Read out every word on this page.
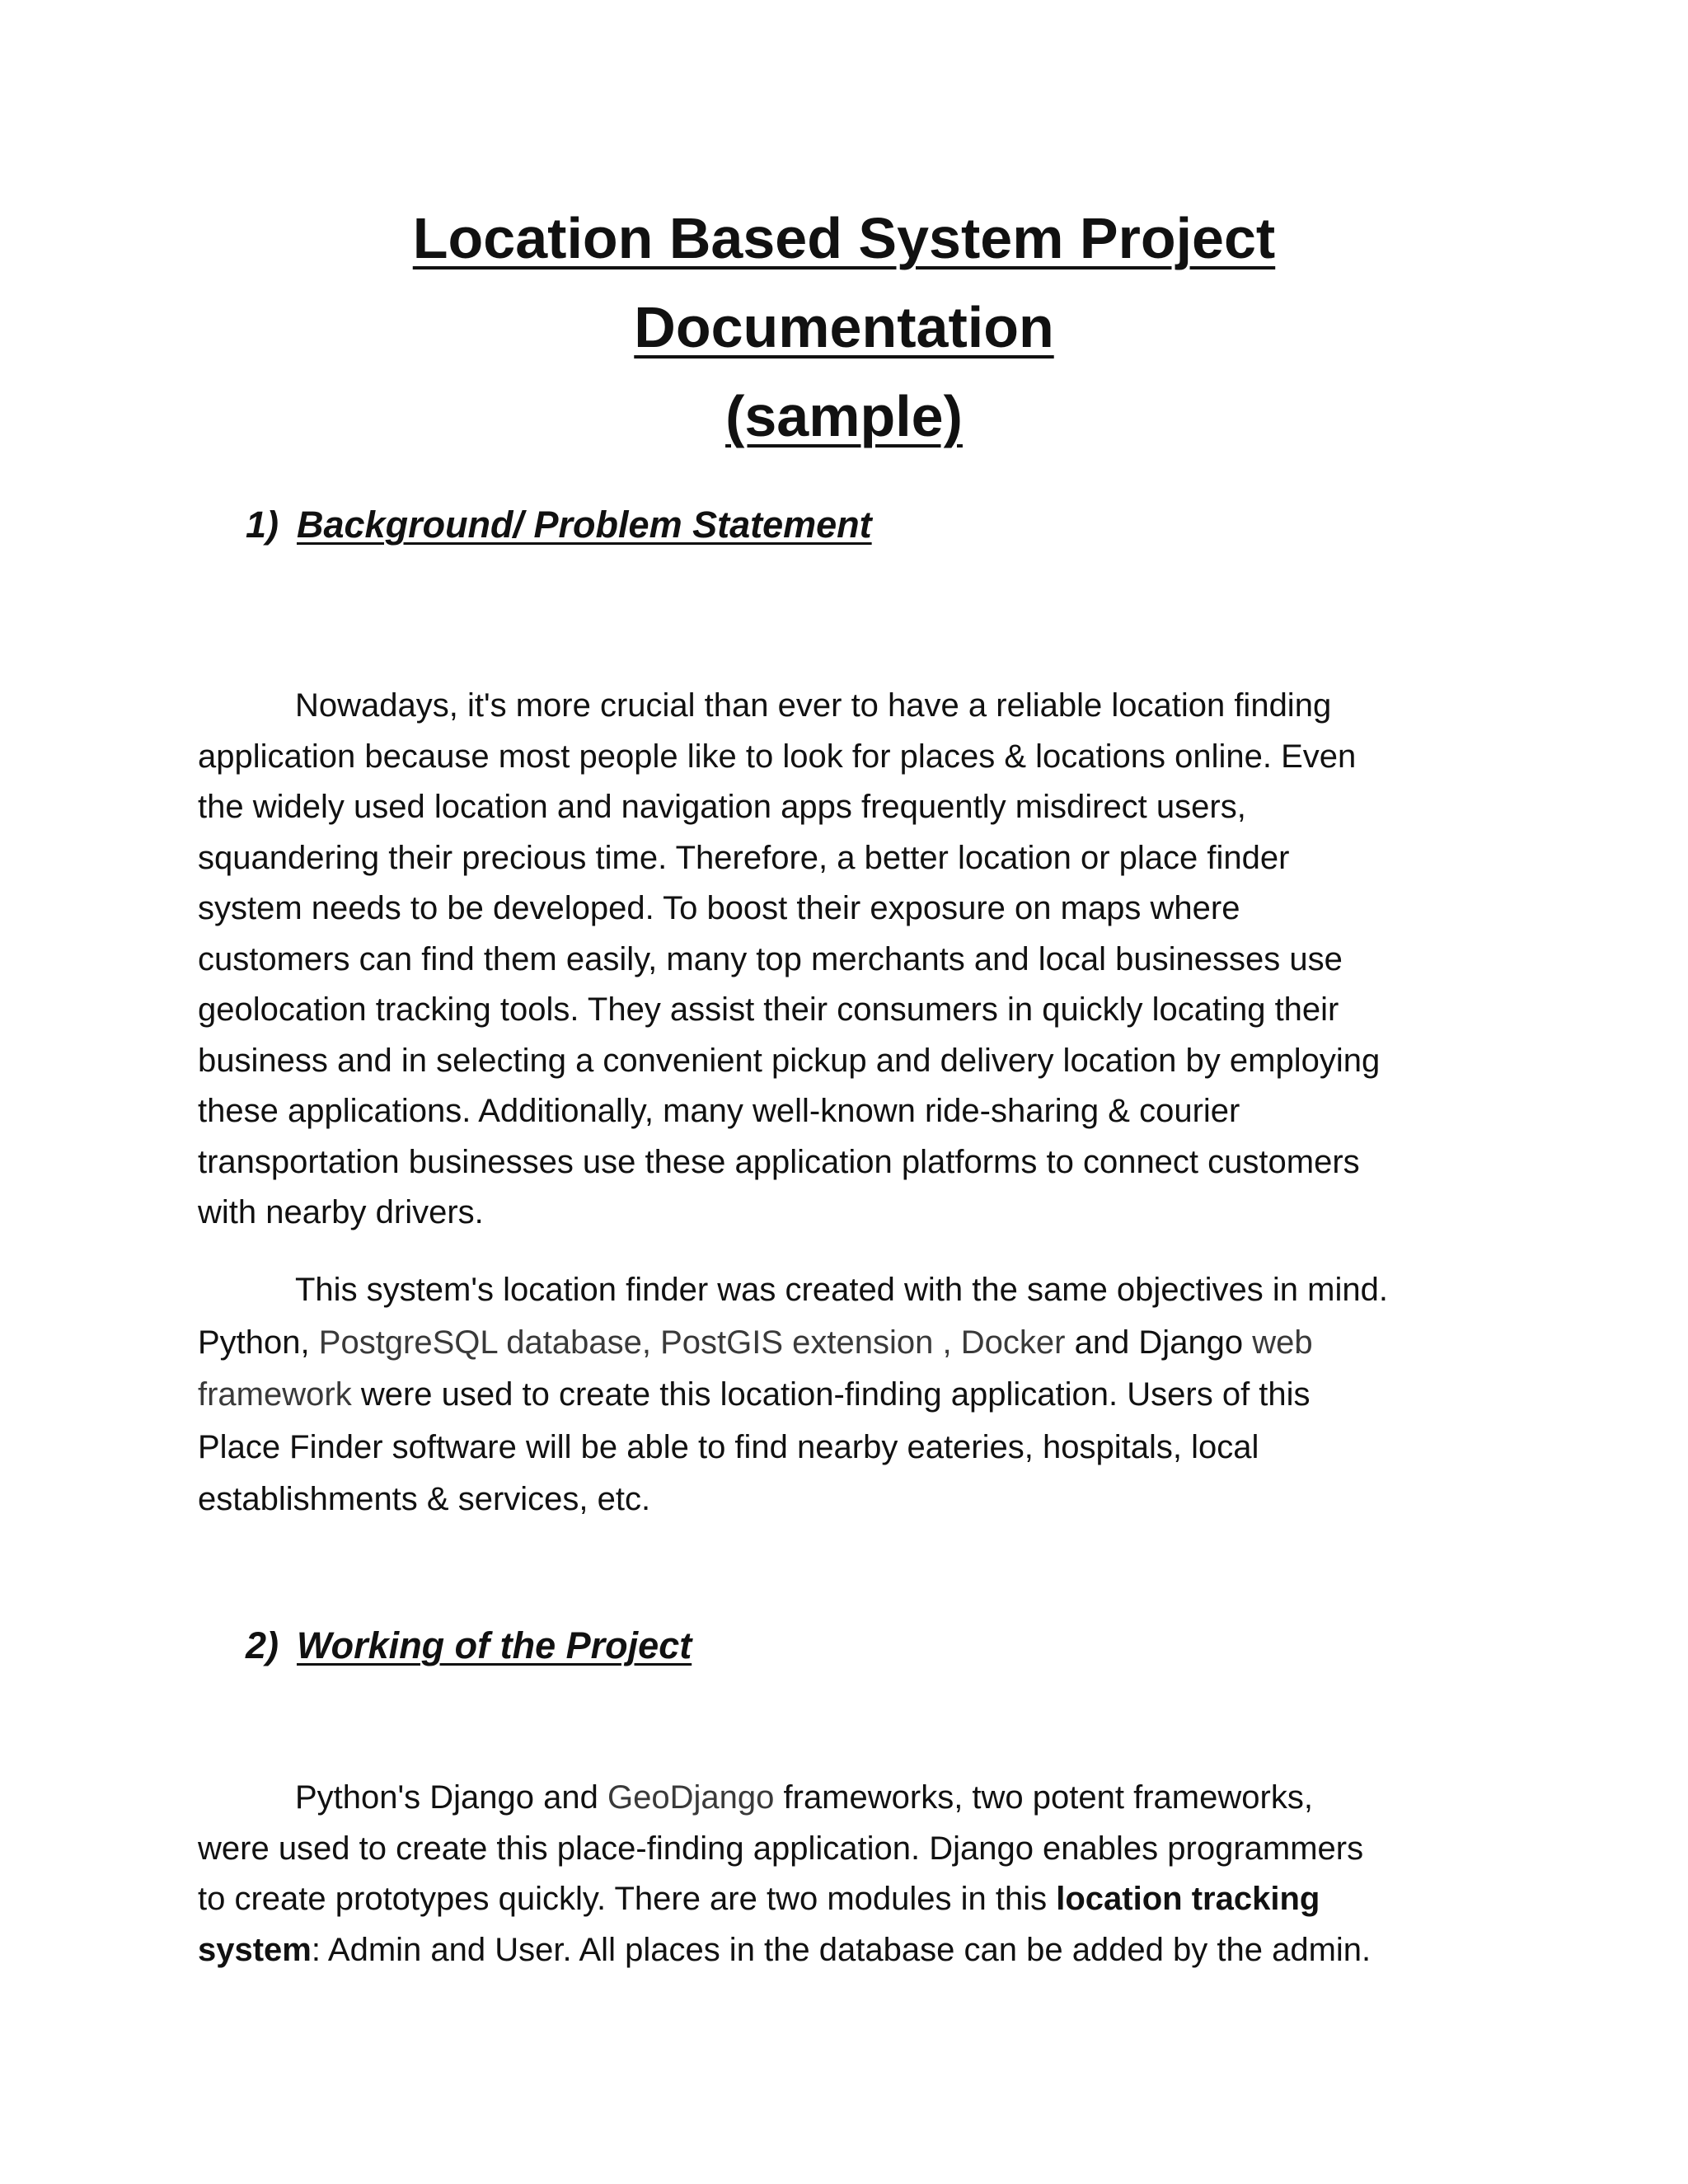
Location Based System Project Documentation
(sample)
1) Background/ Problem Statement
Nowadays, it's more crucial than ever to have a reliable location finding
application because most people like to look for places & locations online. Even
the widely used location and navigation apps frequently misdirect users,
squandering their precious time. Therefore, a better location or place finder
system needs to be developed. To boost their exposure on maps where
customers can find them easily, many top merchants and local businesses use
geolocation tracking tools. They assist their consumers in quickly locating their
business and in selecting a convenient pickup and delivery location by employing
these applications. Additionally, many well-known ride-sharing & courier
transportation businesses use these application platforms to connect customers
with nearby drivers.
This system's location finder was created with the same objectives in mind.
Python, PostgreSQL database, PostGIS extension , Docker and Django web
framework were used to create this location-finding application. Users of this
Place Finder software will be able to find nearby eateries, hospitals, local
establishments & services, etc.
2) Working of the Project
Python's Django and GeoDjango frameworks, two potent frameworks,
were used to create this place-finding application. Django enables programmers
to create prototypes quickly. There are two modules in this location tracking
system: Admin and User. All places in the database can be added by the admin.
